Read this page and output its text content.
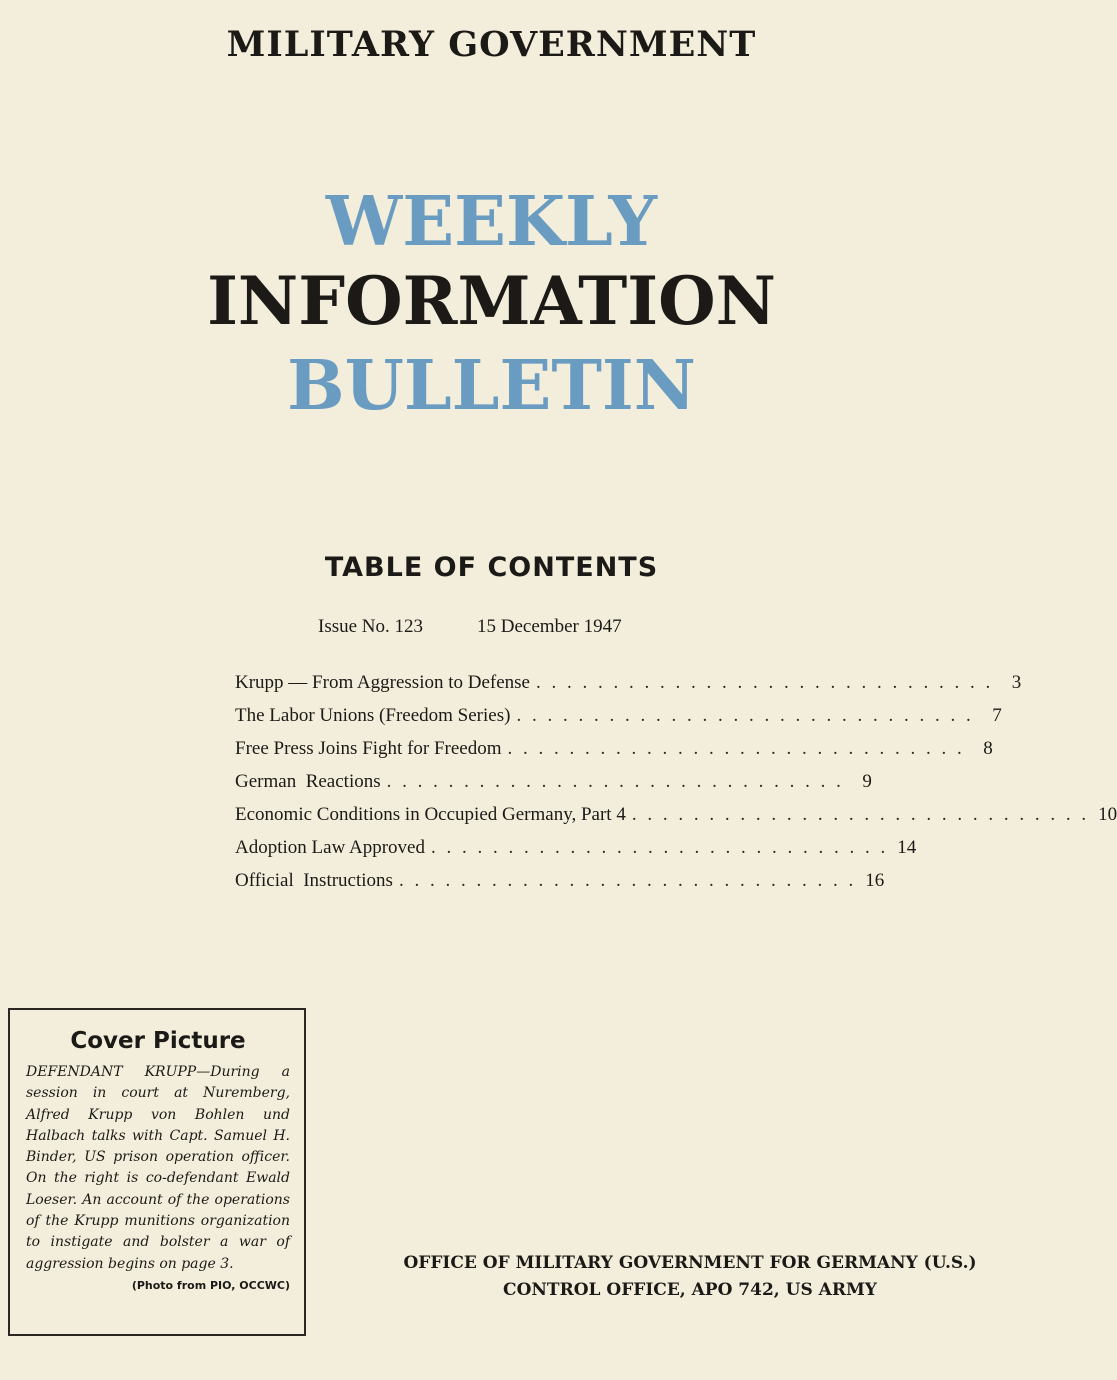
MILITARY GOVERNMENT
WEEKLY
INFORMATION
BULLETIN
TABLE OF CONTENTS
Issue No. 123	15 December 1947
Krupp — From Aggression to Defense . . . . . . . . . . . . . . . . . . . . . . . . . . . . . . 3
The Labor Unions (Freedom Series) . . . . . . . . . . . . . . . . . . . . . . . . . . . . . . 7
Free Press Joins Fight for Freedom . . . . . . . . . . . . . . . . . . . . . . . . . . . . . . 8
German  Reactions . . . . . . . . . . . . . . . . . . . . . . . . . . . . . . 9
Economic Conditions in Occupied Germany, Part 4 . . . . . . . . . . . . . . . . . . . . . . . . . . . . . . 10
Adoption Law Approved . . . . . . . . . . . . . . . . . . . . . . . . . . . . . . 14
Official  Instructions . . . . . . . . . . . . . . . . . . . . . . . . . . . . . . 16
Cover Picture

DEFENDANT KRUPP—During a session in court at Nuremberg, Alfred Krupp von Bohlen und Halbach talks with Capt. Samuel H. Binder, US prison operation officer. On the right is co-defendant Ewald Loeser. An account of the operations of the Krupp munitions organization to instigate and bolster a war of aggression begins on page 3.

(Photo from PIO, OCCWC)
OFFICE OF MILITARY GOVERNMENT FOR GERMANY (U.S.)
CONTROL OFFICE, APO 742, US ARMY
